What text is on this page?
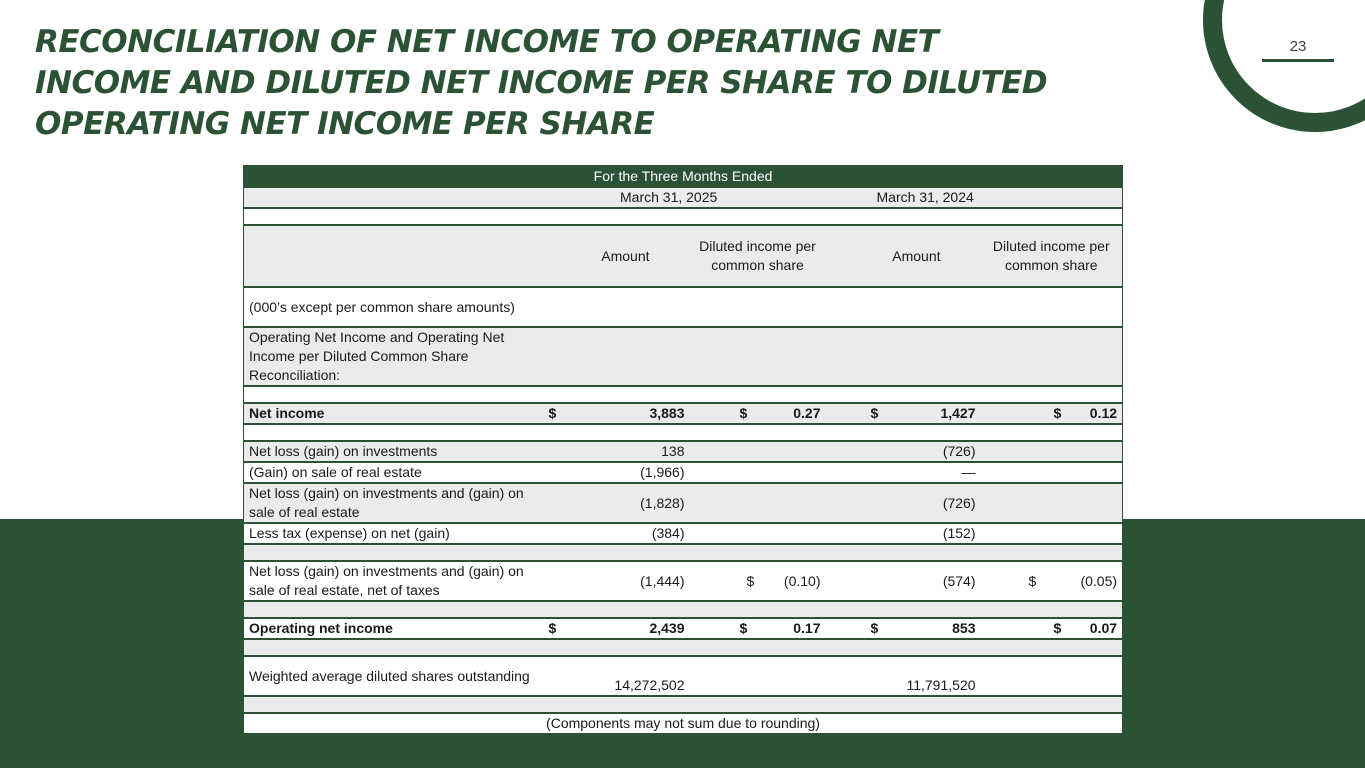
23
RECONCILIATION OF NET INCOME TO OPERATING NET
INCOME AND DILUTED NET INCOME PER SHARE TO DILUTED
OPERATING NET INCOME PER SHARE
For the Three Months Ended				
March 31, 2025			March 31, 2024	

	Amount	Diluted income per common share	Amount	Diluted income per common share
(000’s except per common share amounts)				
Operating Net Income and Operating Net Income per Diluted Common Share Reconciliation:				

Net income	$ 3,883	$ 0.27	$ 1,427	$ 0.12

Net loss (gain) on investments	138		(726)	
(Gain) on sale of real estate	(1,966)		—	
Net loss (gain) on investments and (gain) on sale of real estate	(1,828)		(726)	
Less tax (expense) on net (gain)	(384)		(152)	

Net loss (gain) on investments and (gain) on sale of real estate, net of taxes	(1,444)	$ (0.10)	(574)	$ (0.05)

Operating net income	$ 2,439	$ 0.17	$ 853	$ 0.07

Weighted average diluted shares outstanding	14,272,502		11,791,520	

(Components may not sum due to rounding)				
